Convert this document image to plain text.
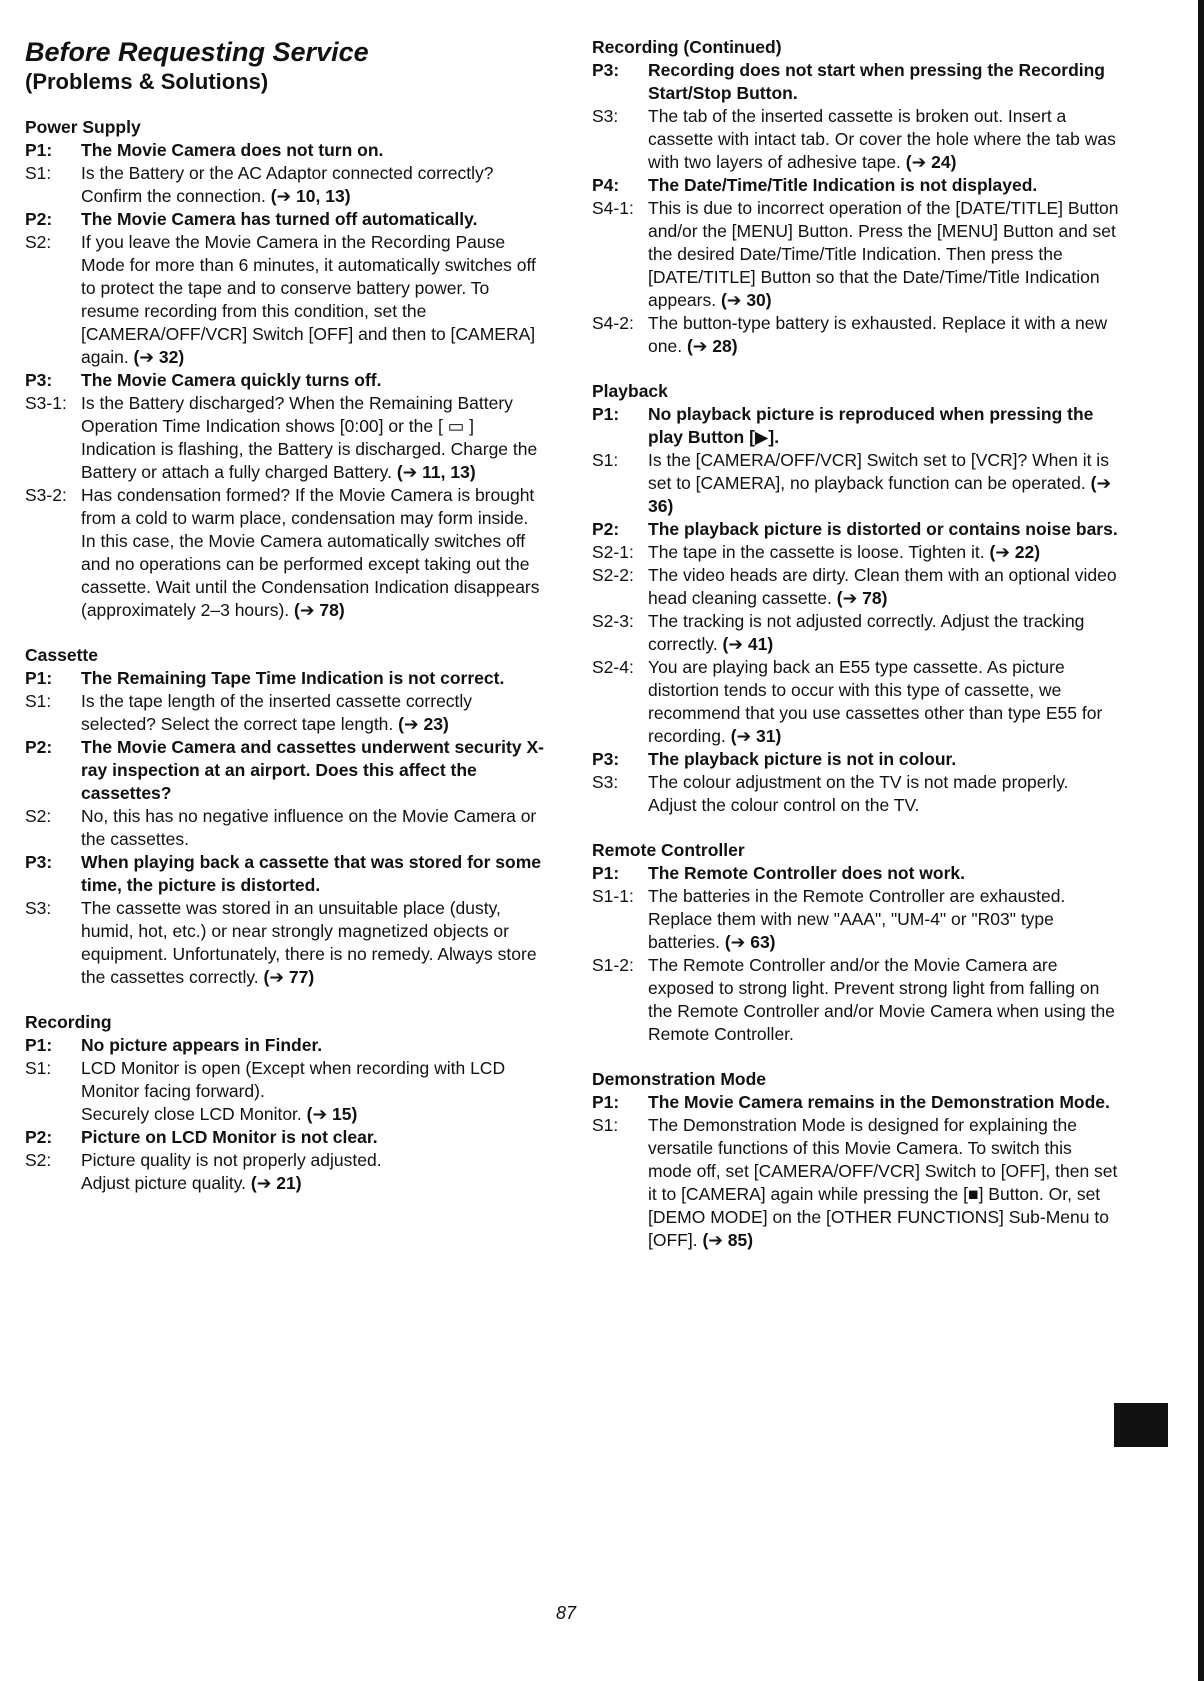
Before Requesting Service
(Problems & Solutions)
Power Supply
P1:	The Movie Camera does not turn on.
S1:	Is the Battery or the AC Adaptor connected correctly?
Confirm the connection. (➔ 10, 13)
P2:	The Movie Camera has turned off automatically.
S2:	If you leave the Movie Camera in the Recording Pause Mode for more than 6 minutes, it automatically switches off to protect the tape and to conserve battery power. To resume recording from this condition, set the [CAMERA/OFF/VCR] Switch [OFF] and then to [CAMERA] again. (➔ 32)
P3:	The Movie Camera quickly turns off.
S3-1: Is the Battery discharged? When the Remaining Battery Operation Time Indication shows [0:00] or the [ ▭ ] Indication is flashing, the Battery is discharged. Charge the Battery or attach a fully charged Battery. (➔ 11, 13)
S3-2: Has condensation formed? If the Movie Camera is brought from a cold to warm place, condensation may form inside. In this case, the Movie Camera automatically switches off and no operations can be performed except taking out the cassette. Wait until the Condensation Indication disappears (approximately 2–3 hours). (➔ 78)
Cassette
P1:	The Remaining Tape Time Indication is not correct.
S1:	Is the tape length of the inserted cassette correctly selected? Select the correct tape length. (➔ 23)
P2:	The Movie Camera and cassettes underwent security X-ray inspection at an airport. Does this affect the cassettes?
S2:	No, this has no negative influence on the Movie Camera or the cassettes.
P3:	When playing back a cassette that was stored for some time, the picture is distorted.
S3:	The cassette was stored in an unsuitable place (dusty, humid, hot, etc.) or near strongly magnetized objects or equipment. Unfortunately, there is no remedy. Always store the cassettes correctly. (➔ 77)
Recording
P1:	No picture appears in Finder.
S1:	LCD Monitor is open (Except when recording with LCD Monitor facing forward).
Securely close LCD Monitor. (➔ 15)
P2:	Picture on LCD Monitor is not clear.
S2:	Picture quality is not properly adjusted.
Adjust picture quality. (➔ 21)
Recording (Continued)
P3:	Recording does not start when pressing the Recording Start/Stop Button.
S3:	The tab of the inserted cassette is broken out. Insert a cassette with intact tab. Or cover the hole where the tab was with two layers of adhesive tape. (➔ 24)
P4:	The Date/Time/Title Indication is not displayed.
S4-1: This is due to incorrect operation of the [DATE/TITLE] Button and/or the [MENU] Button. Press the [MENU] Button and set the desired Date/Time/Title Indication. Then press the [DATE/TITLE] Button so that the Date/Time/Title Indication appears. (➔ 30)
S4-2: The button-type battery is exhausted. Replace it with a new one. (➔ 28)
Playback
P1:	No playback picture is reproduced when pressing the play Button [▶].
S1:	Is the [CAMERA/OFF/VCR] Switch set to [VCR]? When it is set to [CAMERA], no playback function can be operated. (➔ 36)
P2:	The playback picture is distorted or contains noise bars.
S2-1: The tape in the cassette is loose. Tighten it. (➔ 22)
S2-2: The video heads are dirty. Clean them with an optional video head cleaning cassette. (➔ 78)
S2-3: The tracking is not adjusted correctly. Adjust the tracking correctly. (➔ 41)
S2-4: You are playing back an E55 type cassette. As picture distortion tends to occur with this type of cassette, we recommend that you use cassettes other than type E55 for recording. (➔ 31)
P3:	The playback picture is not in colour.
S3:	The colour adjustment on the TV is not made properly. Adjust the colour control on the TV.
Remote Controller
P1:	The Remote Controller does not work.
S1-1: The batteries in the Remote Controller are exhausted. Replace them with new "AAA", "UM-4" or "R03" type batteries. (➔ 63)
S1-2: The Remote Controller and/or the Movie Camera are exposed to strong light. Prevent strong light from falling on the Remote Controller and/or Movie Camera when using the Remote Controller.
Demonstration Mode
P1:	The Movie Camera remains in the Demonstration Mode.
S1:	The Demonstration Mode is designed for explaining the versatile functions of this Movie Camera. To switch this mode off, set [CAMERA/OFF/VCR] Switch to [OFF], then set it to [CAMERA] again while pressing the [■] Button. Or, set [DEMO MODE] on the [OTHER FUNCTIONS] Sub-Menu to [OFF]. (➔ 85)
87
